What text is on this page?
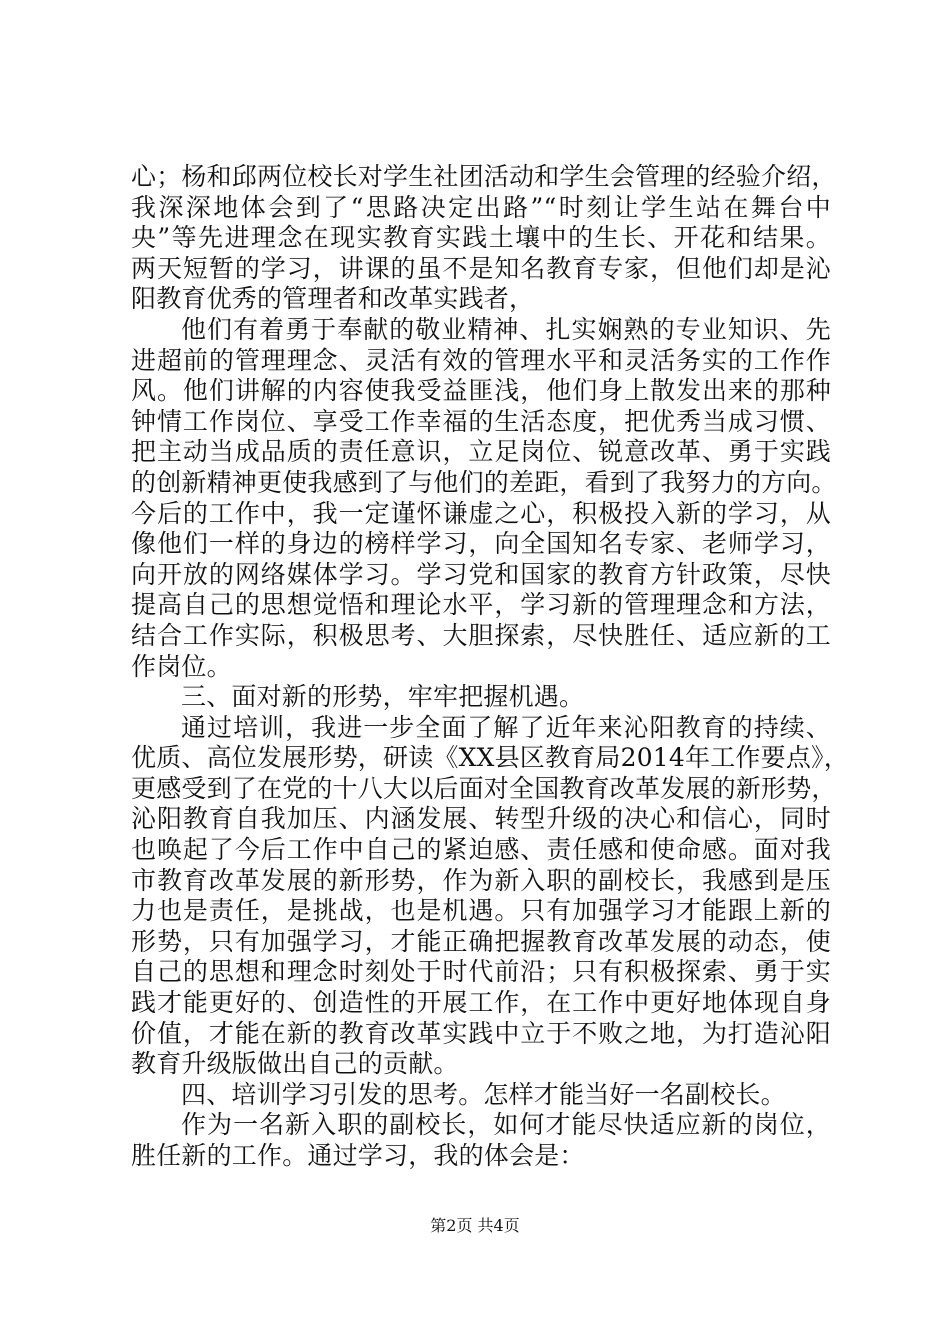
心；杨和邱两位校长对学生社团活动和学生会管理的经验介绍，
我深深地体会到了“思路决定出路”“时刻让学生站在舞台中
央”等先进理念在现实教育实践土壤中的生长、开花和结果。
两天短暂的学习，讲课的虽不是知名教育专家，但他们却是沁
阳教育优秀的管理者和改革实践者，
他们有着勇于奉献的敬业精神、扎实娴熟的专业知识、先
进超前的管理理念、灵活有效的管理水平和灵活务实的工作作
风。他们讲解的内容使我受益匪浅，他们身上散发出来的那种
钟情工作岗位、享受工作幸福的生活态度，把优秀当成习惯、
把主动当成品质的责任意识，立足岗位、锐意改革、勇于实践
的创新精神更使我感到了与他们的差距，看到了我努力的方向。
今后的工作中，我一定谨怀谦虚之心，积极投入新的学习，从
像他们一样的身边的榜样学习，向全国知名专家、老师学习，
向开放的网络媒体学习。学习党和国家的教育方针政策，尽快
提高自己的思想觉悟和理论水平，学习新的管理理念和方法，
结合工作实际，积极思考、大胆探索，尽快胜任、适应新的工
作岗位。
三、面对新的形势，牢牢把握机遇。
通过培训，我进一步全面了解了近年来沁阳教育的持续、
优质、高位发展形势，研读《XX县区教育局2014年工作要点》，
更感受到了在党的十八大以后面对全国教育改革发展的新形势，
沁阳教育自我加压、内涵发展、转型升级的决心和信心，同时
也唤起了今后工作中自己的紧迫感、责任感和使命感。面对我
市教育改革发展的新形势，作为新入职的副校长，我感到是压
力也是责任，是挑战，也是机遇。只有加强学习才能跟上新的
形势，只有加强学习，才能正确把握教育改革发展的动态，使
自己的思想和理念时刻处于时代前沿；只有积极探索、勇于实
践才能更好的、创造性的开展工作，在工作中更好地体现自身
价值，才能在新的教育改革实践中立于不败之地，为打造沁阳
教育升级版做出自己的贡献。
四、培训学习引发的思考。怎样才能当好一名副校长。
作为一名新入职的副校长，如何才能尽快适应新的岗位，
胜任新的工作。通过学习，我的体会是：
第2页 共4页
